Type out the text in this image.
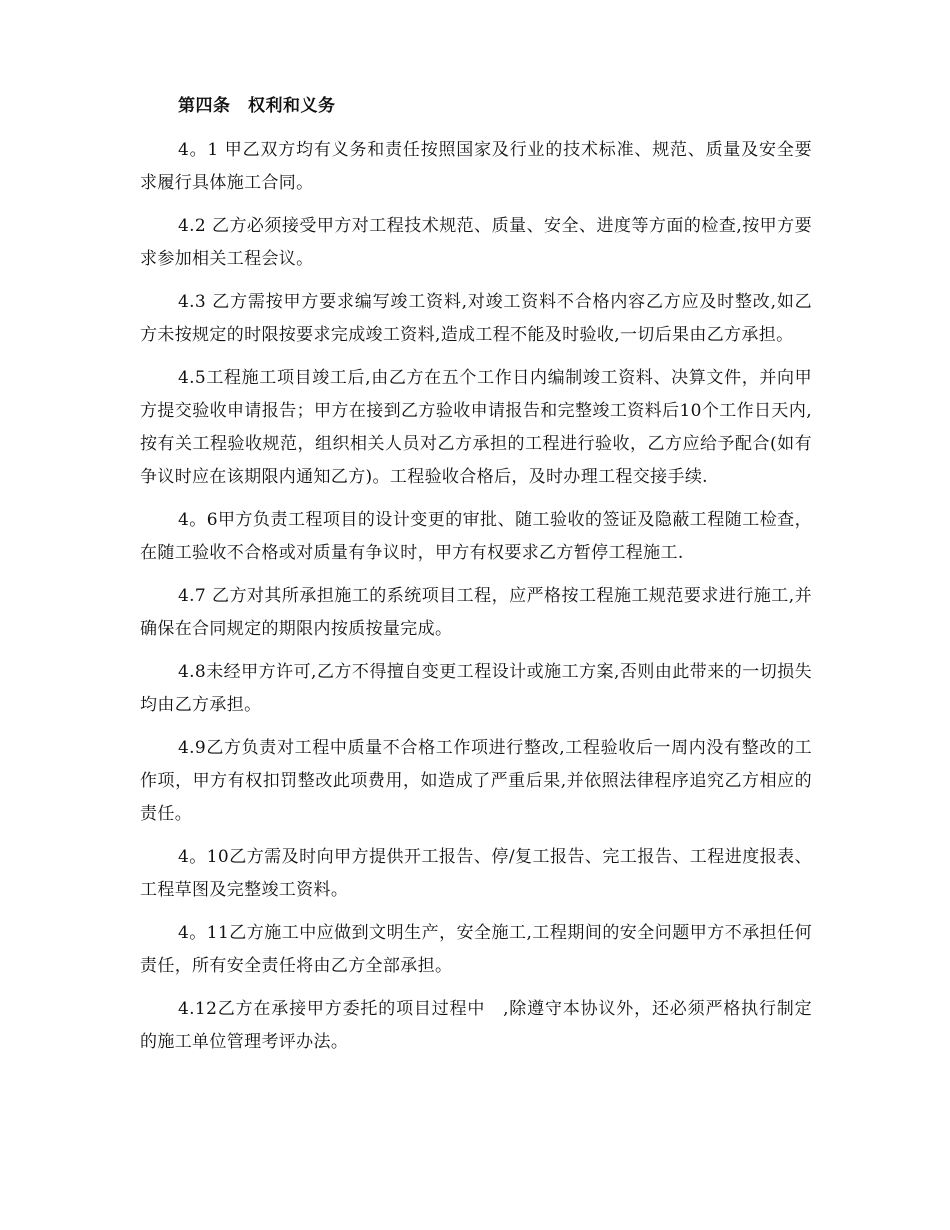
第四条　权利和义务

4。1 甲乙双方均有义务和责任按照国家及行业的技术标准、规范、质量及安全要求履行具体施工合同。

4.2 乙方必须接受甲方对工程技术规范、质量、安全、进度等方面的检查,按甲方要求参加相关工程会议。

4.3 乙方需按甲方要求编写竣工资料,对竣工资料不合格内容乙方应及时整改,如乙方未按规定的时限按要求完成竣工资料,造成工程不能及时验收,一切后果由乙方承担。

4.5工程施工项目竣工后,由乙方在五个工作日内编制竣工资料、决算文件，并向甲方提交验收申请报告；甲方在接到乙方验收申请报告和完整竣工资料后10个工作日天内,按有关工程验收规范，组织相关人员对乙方承担的工程进行验收，乙方应给予配合(如有争议时应在该期限内通知乙方)。工程验收合格后，及时办理工程交接手续.

4。6甲方负责工程项目的设计变更的审批、随工验收的签证及隐蔽工程随工检查，在随工验收不合格或对质量有争议时，甲方有权要求乙方暂停工程施工.

4.7 乙方对其所承担施工的系统项目工程，应严格按工程施工规范要求进行施工,并确保在合同规定的期限内按质按量完成。

4.8未经甲方许可,乙方不得擅自变更工程设计或施工方案,否则由此带来的一切损失均由乙方承担。

4.9乙方负责对工程中质量不合格工作项进行整改,工程验收后一周内没有整改的工作项，甲方有权扣罚整改此项费用，如造成了严重后果,并依照法律程序追究乙方相应的责任。

4。10乙方需及时向甲方提供开工报告、停/复工报告、完工报告、工程进度报表、工程草图及完整竣工资料。

4。11乙方施工中应做到文明生产，安全施工,工程期间的安全问题甲方不承担任何责任，所有安全责任将由乙方全部承担。

4.12乙方在承接甲方委托的项目过程中　,除遵守本协议外，还必须严格执行制定的施工单位管理考评办法。
